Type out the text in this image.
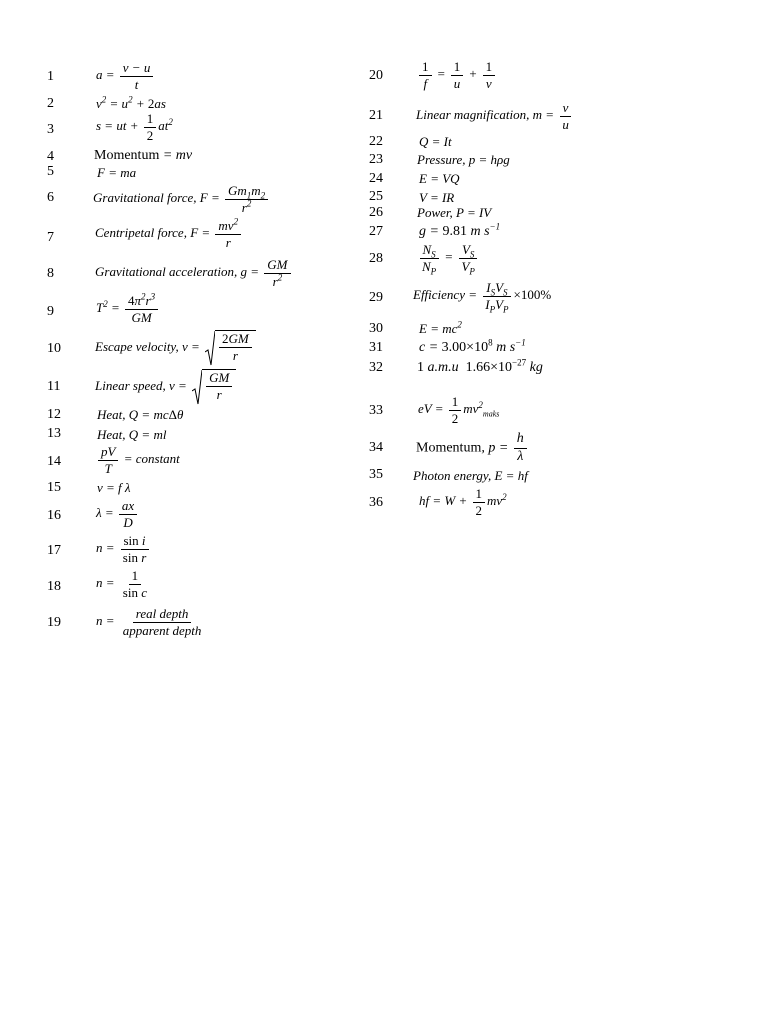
1	$a = \frac{v - u}{t}$
2	$v^2 = u^2 + 2as$
3	s = ut + $\frac{1}{2} at^2$
4	Momentum = mv
5	F = ma
6	Gravitational force, $F = \frac{Gm_1m_2}{r^2}$
7	Centripetal force, $F = \frac{mv^2}{r}$
8	Gravitational acceleration, $g = \frac{GM}{r^2}$
9	$T^2 = \frac{4\pi^2r^3}{GM}$
10	Escape velocity, $v = \frac{2GM}{r}$
11	Linear speed, $v = \frac{GM}{r}$
12	Heat, Q = mcΔθ
13	Heat, Q = ml
14	$\frac{pV}{T}$ = constant
15	v = f λ
16	$\lambda = \frac{ax}{D}$
17	$n = \frac{\text{sin i}}{\text{sin r}}$
18	$n = \frac{1}{\text{sin c}}$
19	n = real depth
apparent depth
20	$\frac{1}{f} = \frac{1}{u} + \frac{1}{v}$
21	Linear magnification, $m = \frac{v}{u}$
22	Q = It
23	Pressure, p = hρg
24	E = VQ
25	V = IR
26	Power, P = IV
27	g = 9.81 m $s^{-1}$
28	$\frac{N_S}{N_P} = \frac{V_S}{V_P}$
29 Efficiency = $I_SV_S$
$I_PV_P$
×100%
30	$E = mc^2$
31	$c = 3.00\times 10^8$ m $s^{-1}$
32 1 a.m.u $1.66\times 10^{-27}$ kg
33	eV = $\frac{1}{2} mv^2_{maks}$
34 Momentum, $p = \frac{h}{\lambda}$
35 Photon energy, E = hf
36	hf = $W + \frac{1}{2} mv^2$
